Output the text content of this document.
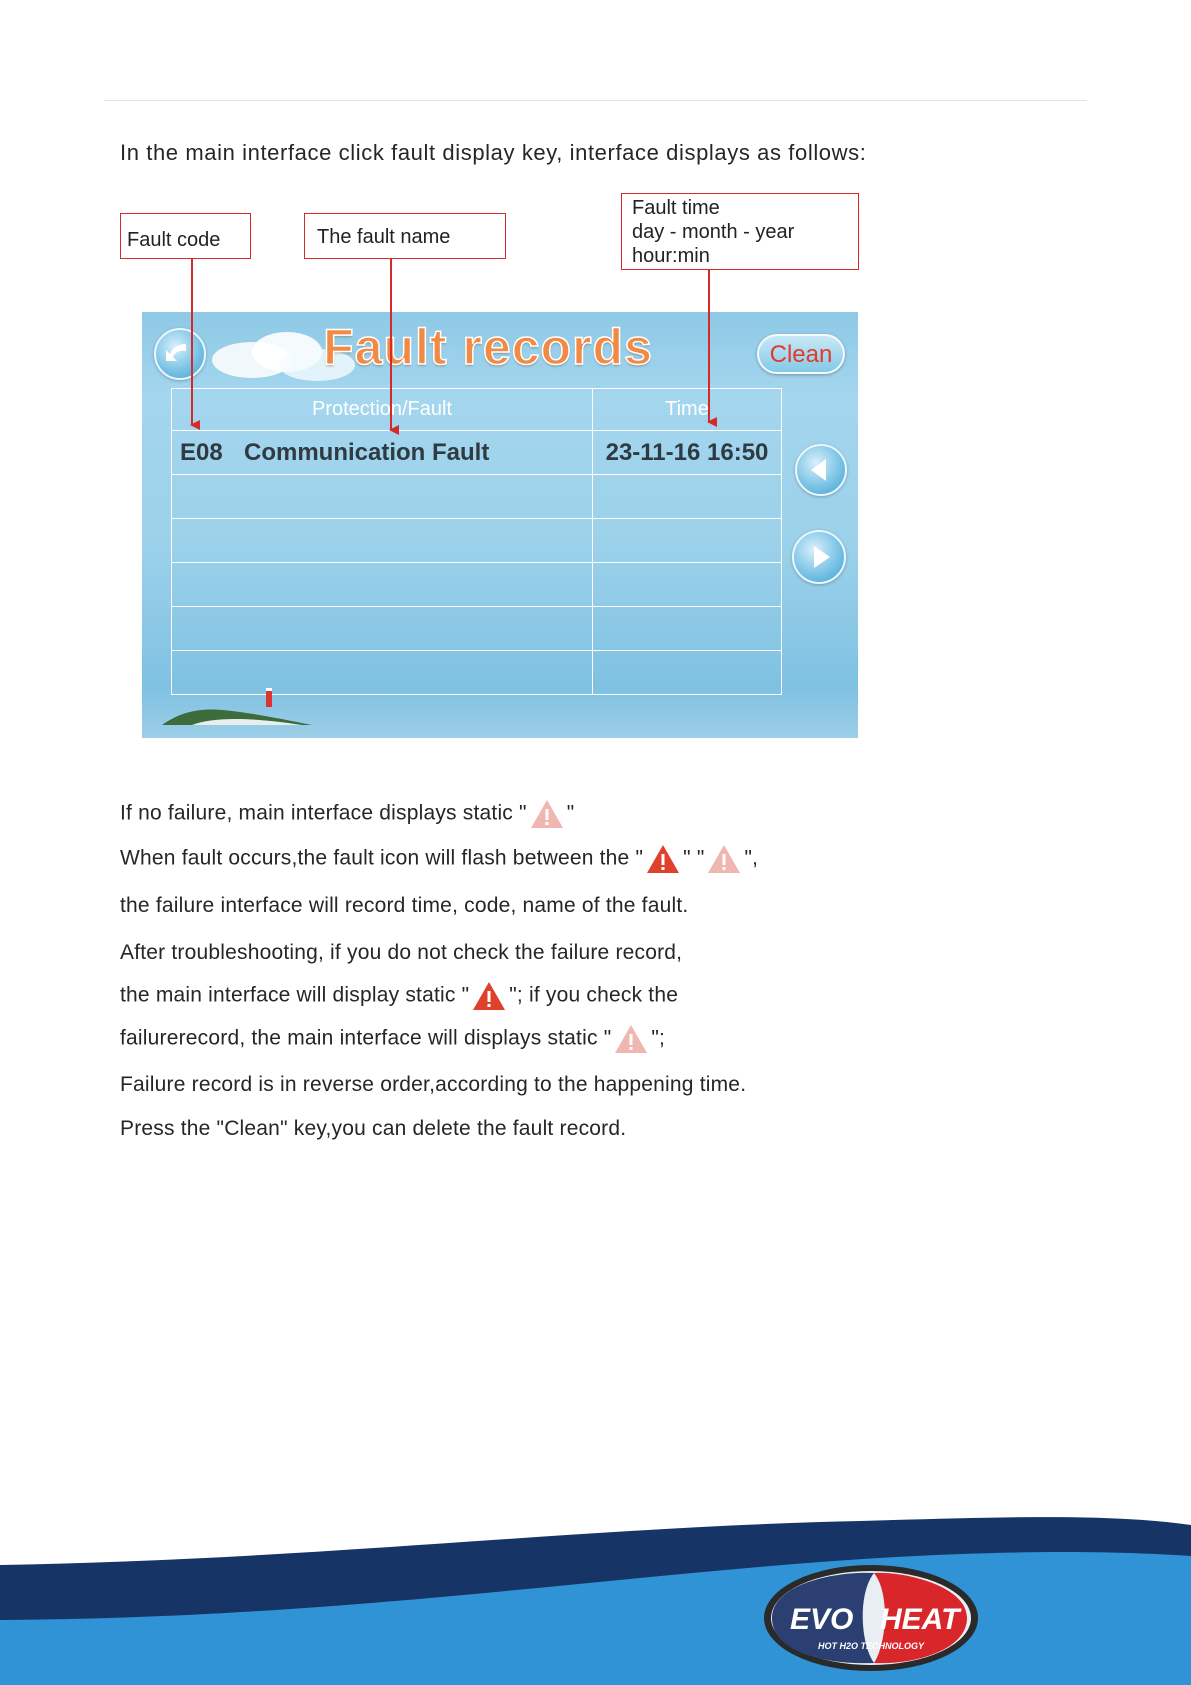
In the main interface click fault display key, interface displays as follows:
Fault code	The fault name
Fault time
day - month - year
hour:min
Fault records	Clean
Protection/Fault	Time
E08 Communication Fault	23-11-16 16:50

If no failure, main interface displays static " "
When fault occurs,the fault icon will flash between the " " " ",
the failure interface will record time, code, name of the fault.
After troubleshooting, if you do not check the failure record,
the main interface will display static " "; if you check the
failurerecord, the main interface will displays static " ";
Failure record is in reverse order,according to the happening time.
Press the "Clean" key,you can delete the fault record.
EVO HEAT
HOT H2O TECHNOLOGY
